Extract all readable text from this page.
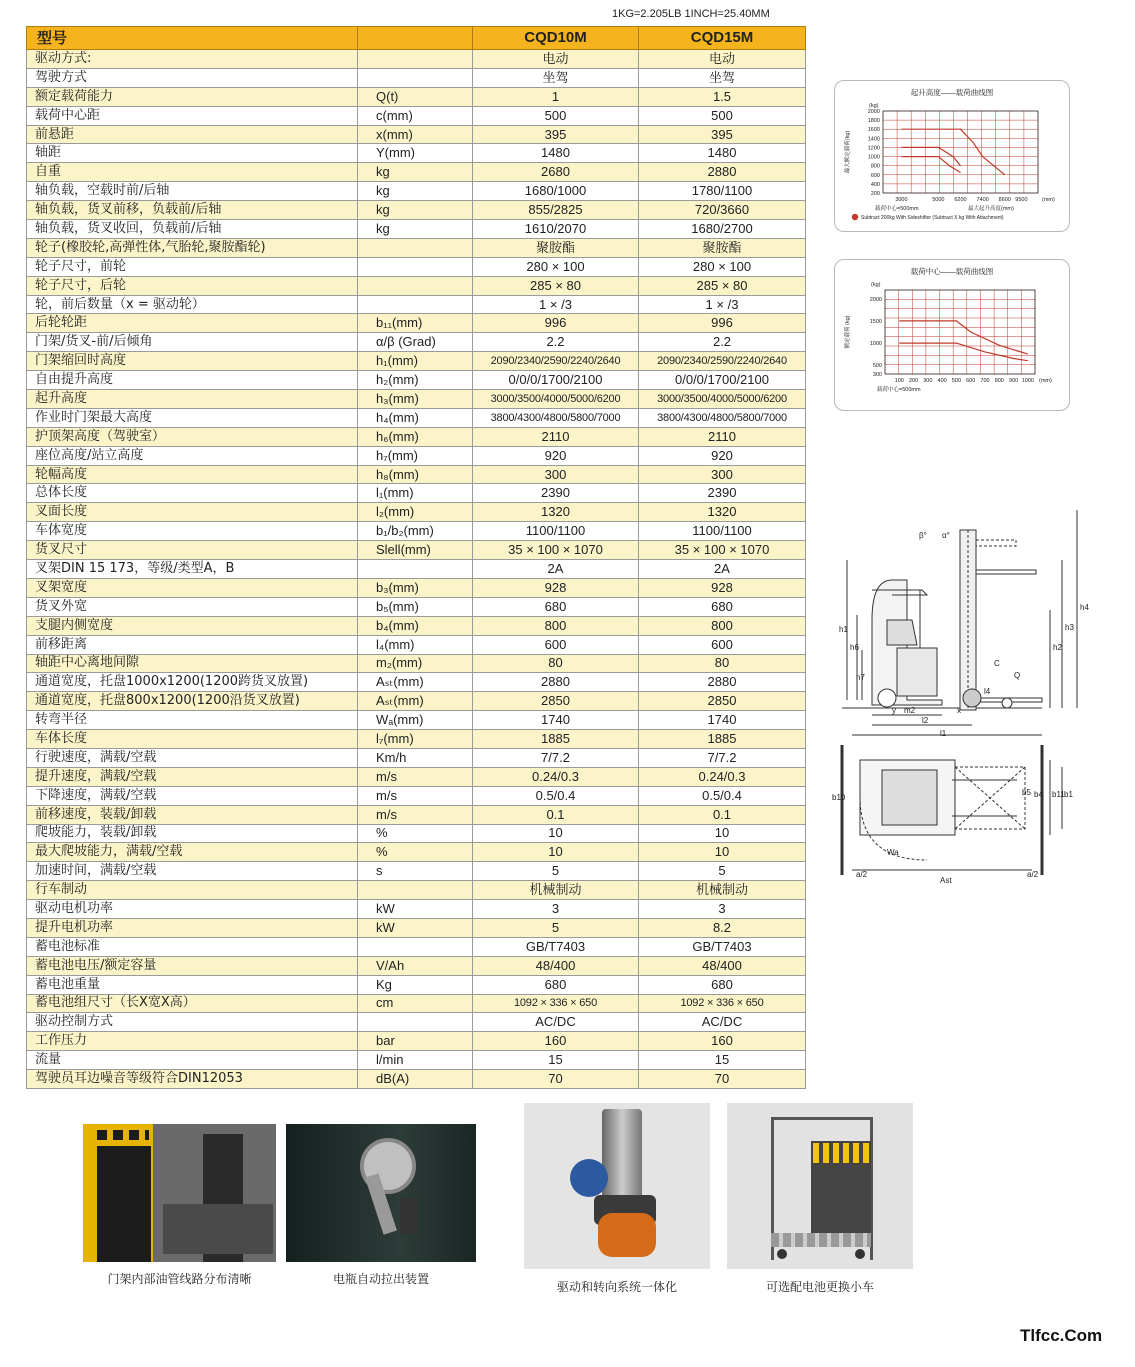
1KG=2.205LB 1INCH=25.40MM
型号		CQD10M	CQD15M
驱动方式:		电动	电动
驾驶方式		坐驾	坐驾
额定载荷能力	Q(t)	1	1.5
载荷中心距	c(mm)	500	500
前悬距	x(mm)	395	395
轴距	Y(mm)	1480	1480
自重	kg	2680	2880
轴负载，空载时前/后轴	kg	1680/1000	1780/1100
轴负载，货叉前移，负载前/后轴	kg	855/2825	720/3660
轴负载，货叉收回，负载前/后轴	kg	1610/2070	1680/2700
轮子(橡胶轮,高弹性体,气胎轮,聚胺酯轮)		聚胺酯	聚胺酯
轮子尺寸，前轮		280 × 100	280 × 100
轮子尺寸，后轮		285 × 80	285 × 80
轮，前后数量（x = 驱动轮）		1 × /3	1 × /3
后轮轮距	b₁₁(mm)	996	996
门架/货叉-前/后倾角	α/β (Grad)	2.2	2.2
门架缩回时高度	h₁(mm)	2090/2340/2590/2240/2640	2090/2340/2590/2240/2640
自由提升高度	h₂(mm)	0/0/0/1700/2100	0/0/0/1700/2100
起升高度	h₃(mm)	3000/3500/4000/5000/6200	3000/3500/4000/5000/6200
作业时门架最大高度	h₄(mm)	3800/4300/4800/5800/7000	3800/4300/4800/5800/7000
护顶架高度（驾驶室）	h₆(mm)	2110	2110
座位高度/站立高度	h₇(mm)	920	920
轮幅高度	h₈(mm)	300	300
总体长度	l₁(mm)	2390	2390
叉面长度	l₂(mm)	1320	1320
车体宽度	b₁/b₂(mm)	1100/1100	1100/1100
货叉尺寸	Slell(mm)	35 × 100 × 1070	35 × 100 × 1070
叉架DIN 15 173，等级/类型A，B		2A	2A
叉架宽度	b₃(mm)	928	928
货叉外宽	b₅(mm)	680	680
支腿内侧宽度	b₄(mm)	800	800
前移距离	l₄(mm)	600	600
轴距中心离地间隙	m₂(mm)	80	80
通道宽度，托盘1000x1200(1200跨货叉放置)	Aₛₜ(mm)	2880	2880
通道宽度，托盘800x1200(1200沿货叉放置)	Aₛₜ(mm)	2850	2850
转弯半径	Wₐ(mm)	1740	1740
车体长度	l₇(mm)	1885	1885
行驶速度，满载/空载	Km/h	7/7.2	7/7.2
提升速度，满载/空载	m/s	0.24/0.3	0.24/0.3
下降速度，满载/空载	m/s	0.5/0.4	0.5/0.4
前移速度，装载/卸载	m/s	0.1	0.1
爬坡能力，装载/卸载	%	10	10
最大爬坡能力，满载/空载	%	10	10
加速时间，满载/空载	s	5	5
行车制动		机械制动	机械制动
驱动电机功率	kW	3	3
提升电机功率	kW	5	8.2
蓄电池标准		GB/T7403	GB/T7403
蓄电池电压/额定容量	V/Ah	48/400	48/400
蓄电池重量	Kg	680	680
蓄电池组尺寸（长X宽X高）	cm	1092 × 336 × 650	1092 × 336 × 650
驱动控制方式		AC/DC	AC/DC
工作压力	bar	160	160
流量	l/min	15	15
驾驶员耳边噪音等级符合DIN12053	dB(A)	70	70
起升高度——载荷曲线图
(kg)
最大额定载荷(kg)
200
400
600
800
1000
1200
1400
1600
1800
2000
3000	5000 6200 7400 8600 9500	(mm)
载荷中心=500mm	最大起升高度(mm)
Subtract 200kg With Sideshifter (Subtract X kg With Attachment)
载荷中心——载荷曲线图
(kg)
额定载荷 (kg)
300
500
1000
1500
2000
100 200 300 400 500 600 700 800 900 1000 (mm)
载荷中心=500mm
β° α°
h1
h6
h7
h4
h3
h2
C
Q
y	x
l2
l1
l4
m2
b10
b5 b4 b11 b1
Wa
Ast
a/2	a/2
门架内部油管线路分布清晰	电瓶自动拉出装置
驱动和转向系统一体化	可选配电池更换小车
Tlfcc.Com
